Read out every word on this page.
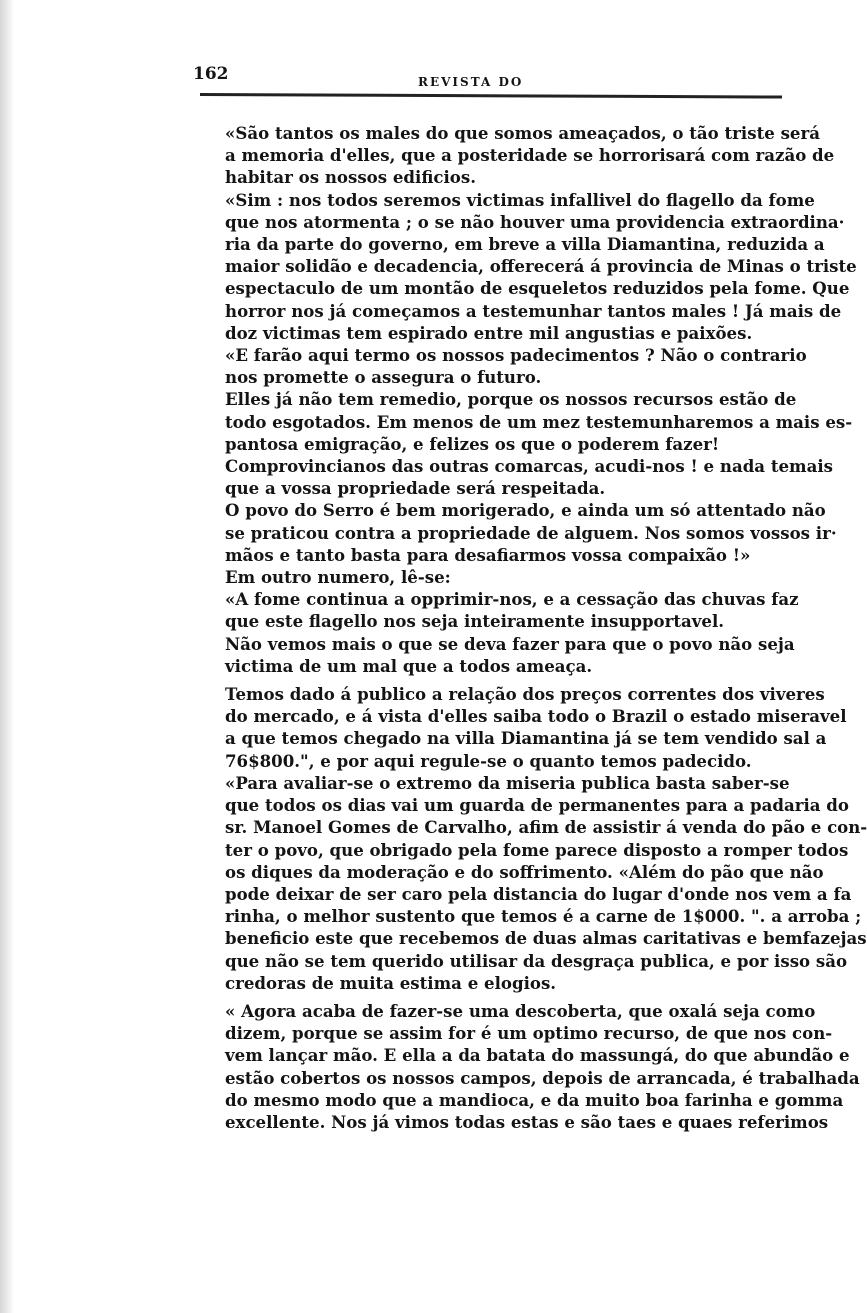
162	REVISTA DO
«São tantos os males do que somos ameaçados, o tão triste será
a memoria d'elles, que a posteridade se horrorisará com razão de
habitar os nossos edificios.
«Sim : nos todos seremos victimas infallivel do flagello da fome
que nos atormenta ; o se não houver uma providencia extraordina·
ria da parte do governo, em breve a villa Diamantina, reduzida a
maior solidão e decadencia, offerecerá á provincia de Minas o triste
espectaculo de um montão de esqueletos reduzidos pela fome. Que
horror nos já começamos a testemunhar tantos males ! Já mais de
doz victimas tem espirado entre mil angustias e paixões.
«E farão aqui termo os nossos padecimentos ? Não o contrario
nos promette o assegura o futuro.
Elles já não tem remedio, porque os nossos recursos estão de
todo esgotados. Em menos de um mez testemunharemos a mais es-
pantosa emigração, e felizes os que o poderem fazer!
Comprovincianos das outras comarcas, acudi-nos ! e nada temais
que a vossa propriedade será respeitada.
O povo do Serro é bem morigerado, e ainda um só attentado não
se praticou contra a propriedade de alguem. Nos somos vossos ir·
mãos e tanto basta para desafiarmos vossa compaixão !»
Em outro numero, lê-se:
«A fome continua a opprimir-nos, e a cessação das chuvas faz
que este flagello nos seja inteiramente insupportavel.
Não vemos mais o que se deva fazer para que o povo não seja
victima de um mal que a todos ameaça.
Temos dado á publico a relação dos preços correntes dos viveres
do mercado, e á vista d'elles saiba todo o Brazil o estado miseravel
a que temos chegado na villa Diamantina já se tem vendido sal a
76$800.", e por aqui regule-se o quanto temos padecido.
«Para avaliar-se o extremo da miseria publica basta saber-se
que todos os dias vai um guarda de permanentes para a padaria do
sr. Manoel Gomes de Carvalho, afim de assistir á venda do pão e con-
ter o povo, que obrigado pela fome parece disposto a romper todos
os diques da moderação e do soffrimento. «Além do pão que não
pode deixar de ser caro pela distancia do lugar d'onde nos vem a fa
rinha, o melhor sustento que temos é a carne de 1$000. ". a arroba ;
beneficio este que recebemos de duas almas caritativas e bemfazejas
que não se tem querido utilisar da desgraça publica, e por isso são
credoras de muita estima e elogios.
« Agora acaba de fazer-se uma descoberta, que oxalá seja como
dizem, porque se assim for é um optimo recurso, de que nos con-
vem lançar mão. E ella a da batata do massungá, do que abundão e
estão cobertos os nossos campos, depois de arrancada, é trabalhada
do mesmo modo que a mandioca, e da muito boa farinha e gomma
excellente. Nos já vimos todas estas e são taes e quaes referimos
